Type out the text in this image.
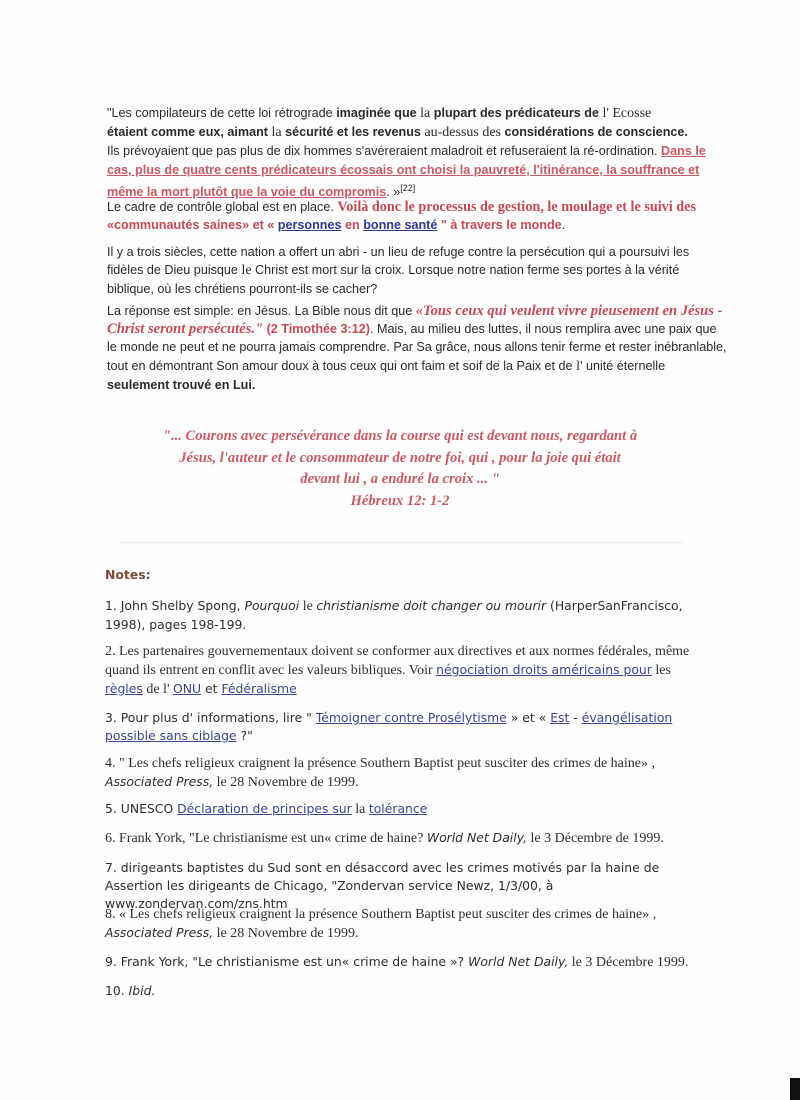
"Les compilateurs de cette loi rétrograde imaginée que la plupart des prédicateurs de l' Ecosse
étaient comme eux, aimant la sécurité et les revenus au-dessus des considérations de conscience.
Ils prévoyaient que pas plus de dix hommes s'avéreraient maladroit et refuseraient la ré-ordination. Dans le cas, plus de quatre cents prédicateurs écossais ont choisi la pauvreté, l'itinérance, la souffrance et même la mort plutôt que la voie du compromis. »[22]
Le cadre de contrôle global est en place. Voilà donc le processus de gestion, le moulage et le suivi des «communautés saines» et « personnes en bonne santé " à travers le monde.
Il y a trois siècles, cette nation a offert un abri - un lieu de refuge contre la persécution qui a poursuivi les fidèles de Dieu puisque le Christ est mort sur la croix. Lorsque notre nation ferme ses portes à la vérité biblique, où les chrétiens pourront-ils se cacher?
La réponse est simple: en Jésus. La Bible nous dit que «Tous ceux qui veulent vivre pieusement en Jésus - Christ seront persécutés." (2 Timothée 3:12). Mais, au milieu des luttes, il nous remplira avec une paix que le monde ne peut et ne pourra jamais comprendre. Par Sa grâce, nous allons tenir ferme et rester inébranlable, tout en démontrant Son amour doux à tous ceux qui ont faim et soif de la Paix et de l' unité éternelle seulement trouvé en Lui.
"... Courons avec persévérance dans la course qui est devant nous, regardant à
Jésus, l'auteur et le consommateur de notre foi, qui , pour la joie qui était
devant lui , a enduré la croix ... "
Hébreux 12: 1-2
Notes:
1. John Shelby Spong, Pourquoi le christianisme doit changer ou mourir (HarperSanFrancisco, 1998), pages 198-199.
2. Les partenaires gouvernementaux doivent se conformer aux directives et aux normes fédérales, même quand ils entrent en conflit avec les valeurs bibliques. Voir négociation droits américains pour les règles de l' ONU et Fédéralisme
3. Pour plus d' informations, lire " Témoigner contre Prosélytisme » et « Est - évangélisation possible sans ciblage ?"
4. " Les chefs religieux craignent la présence Southern Baptist peut susciter des crimes de haine» ,
Associated Press, le 28 Novembre de 1999.
5. UNESCO Déclaration de principes sur la tolérance
6. Frank York, "Le christianisme est un« crime de haine? World Net Daily, le 3 Décembre de 1999.
7. dirigeants baptistes du Sud sont en désaccord avec les crimes motivés par la haine de Assertion les dirigeants de Chicago, "Zondervan service Newz, 1/3/00, à www.zondervan.com/zns.htm
8. « Les chefs religieux craignent la présence Southern Baptist peut susciter des crimes de haine» ,
Associated Press, le 28 Novembre de 1999.
9. Frank York, "Le christianisme est un« crime de haine »? World Net Daily, le 3 Décembre 1999.
10. Ibid.
